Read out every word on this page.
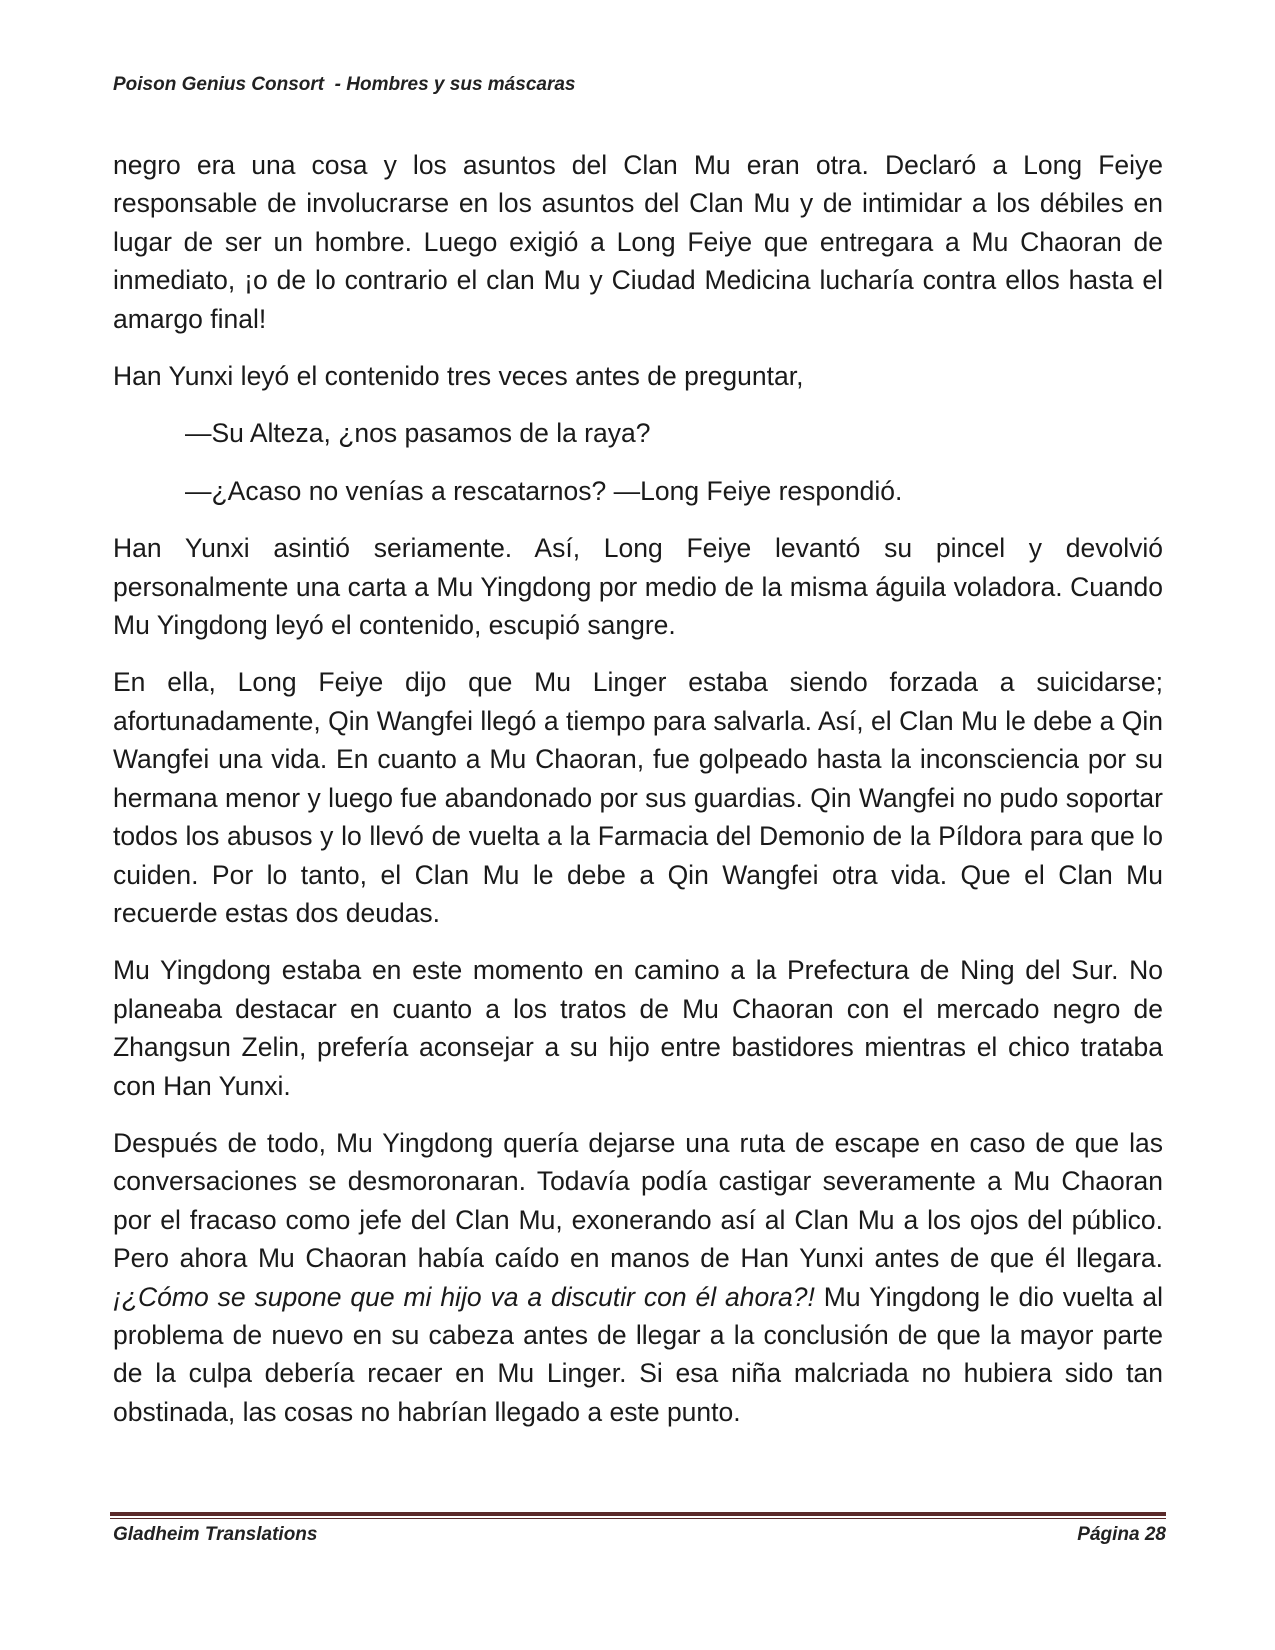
Poison Genius Consort  - Hombres y sus máscaras

negro era una cosa y los asuntos del Clan Mu eran otra. Declaró a Long Feiye responsable de involucrarse en los asuntos del Clan Mu y de intimidar a los débiles en lugar de ser un hombre. Luego exigió a Long Feiye que entregara a Mu Chaoran de inmediato, ¡o de lo contrario el clan Mu y Ciudad Medicina lucharía contra ellos hasta el amargo final!

Han Yunxi leyó el contenido tres veces antes de preguntar,

—Su Alteza, ¿nos pasamos de la raya?

—¿Acaso no venías a rescatarnos? —Long Feiye respondió.

Han Yunxi asintió seriamente. Así, Long Feiye levantó su pincel y devolvió personalmente una carta a Mu Yingdong por medio de la misma águila voladora. Cuando Mu Yingdong leyó el contenido, escupió sangre.

En ella, Long Feiye dijo que Mu Linger estaba siendo forzada a suicidarse; afortunadamente, Qin Wangfei llegó a tiempo para salvarla. Así, el Clan Mu le debe a Qin Wangfei una vida. En cuanto a Mu Chaoran, fue golpeado hasta la inconsciencia por su hermana menor y luego fue abandonado por sus guardias. Qin Wangfei no pudo soportar todos los abusos y lo llevó de vuelta a la Farmacia del Demonio de la Píldora para que lo cuiden. Por lo tanto, el Clan Mu le debe a Qin Wangfei otra vida. Que el Clan Mu recuerde estas dos deudas.

Mu Yingdong estaba en este momento en camino a la Prefectura de Ning del Sur. No planeaba destacar en cuanto a los tratos de Mu Chaoran con el mercado negro de Zhangsun Zelin, prefería aconsejar a su hijo entre bastidores mientras el chico trataba con Han Yunxi.

Después de todo, Mu Yingdong quería dejarse una ruta de escape en caso de que las conversaciones se desmoronaran. Todavía podía castigar severamente a Mu Chaoran por el fracaso como jefe del Clan Mu, exonerando así al Clan Mu a los ojos del público. Pero ahora Mu Chaoran había caído en manos de Han Yunxi antes de que él llegara. ¡¿Cómo se supone que mi hijo va a discutir con él ahora?! Mu Yingdong le dio vuelta al problema de nuevo en su cabeza antes de llegar a la conclusión de que la mayor parte de la culpa debería recaer en Mu Linger. Si esa niña malcriada no hubiera sido tan obstinada, las cosas no habrían llegado a este punto.

Gladheim Translations	Página 28
